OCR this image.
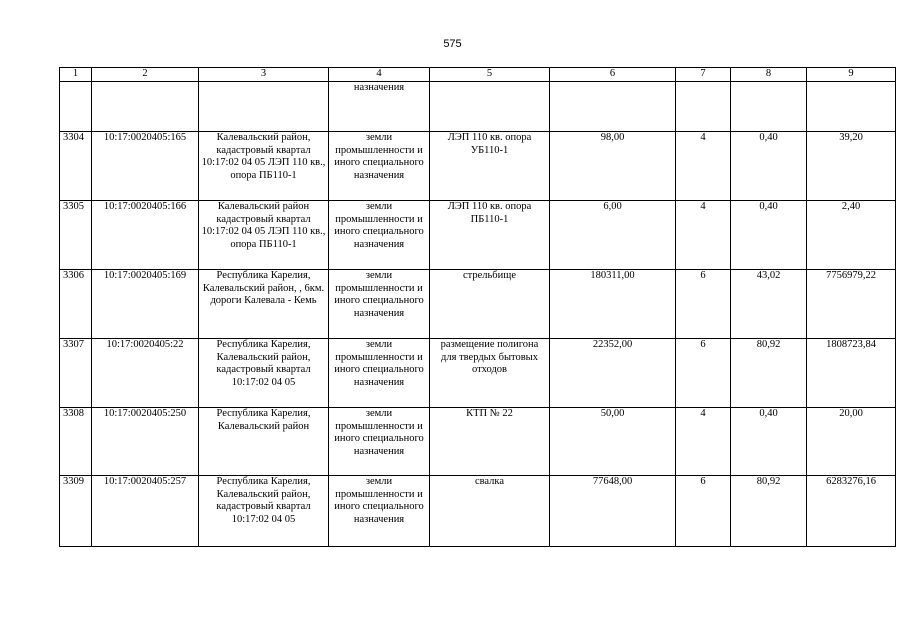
575
1	2	3	4	5	6	7	8	9
			назначения					
3304	10:17:0020405:165	Калевальский район, кадастровый квартал 10:17:02 04 05 ЛЭП 110 кв., опора ПБ110-1	земли промышленности и иного специального назначения	ЛЭП 110 кв. опора УБ110-1	98,00	4	0,40	39,20
3305	10:17:0020405:166	Калевальский район кадастровый квартал 10:17:02 04 05 ЛЭП 110 кв., опора ПБ110-1	земли промышленности и иного специального назначения	ЛЭП 110 кв. опора ПБ110-1	6,00	4	0,40	2,40
3306	10:17:0020405:169	Республика Карелия, Калевальский район, , 6км. дороги Калевала - Кемь	земли промышленности и иного специального назначения	стрельбище	180311,00	6	43,02	7756979,22
3307	10:17:0020405:22	Республика Карелия, Калевальский район, кадастровый квартал 10:17:02 04 05	земли промышленности и иного специального назначения	размещение полигона для твердых бытовых отходов	22352,00	6	80,92	1808723,84
3308	10:17:0020405:250	Республика Карелия, Калевальский район	земли промышленности и иного специального назначения	КТП № 22	50,00	4	0,40	20,00
3309	10:17:0020405:257	Республика Карелия, Калевальский район, кадастровый квартал 10:17:02 04 05	земли промышленности и иного специального назначения	свалка	77648,00	6	80,92	6283276,16
